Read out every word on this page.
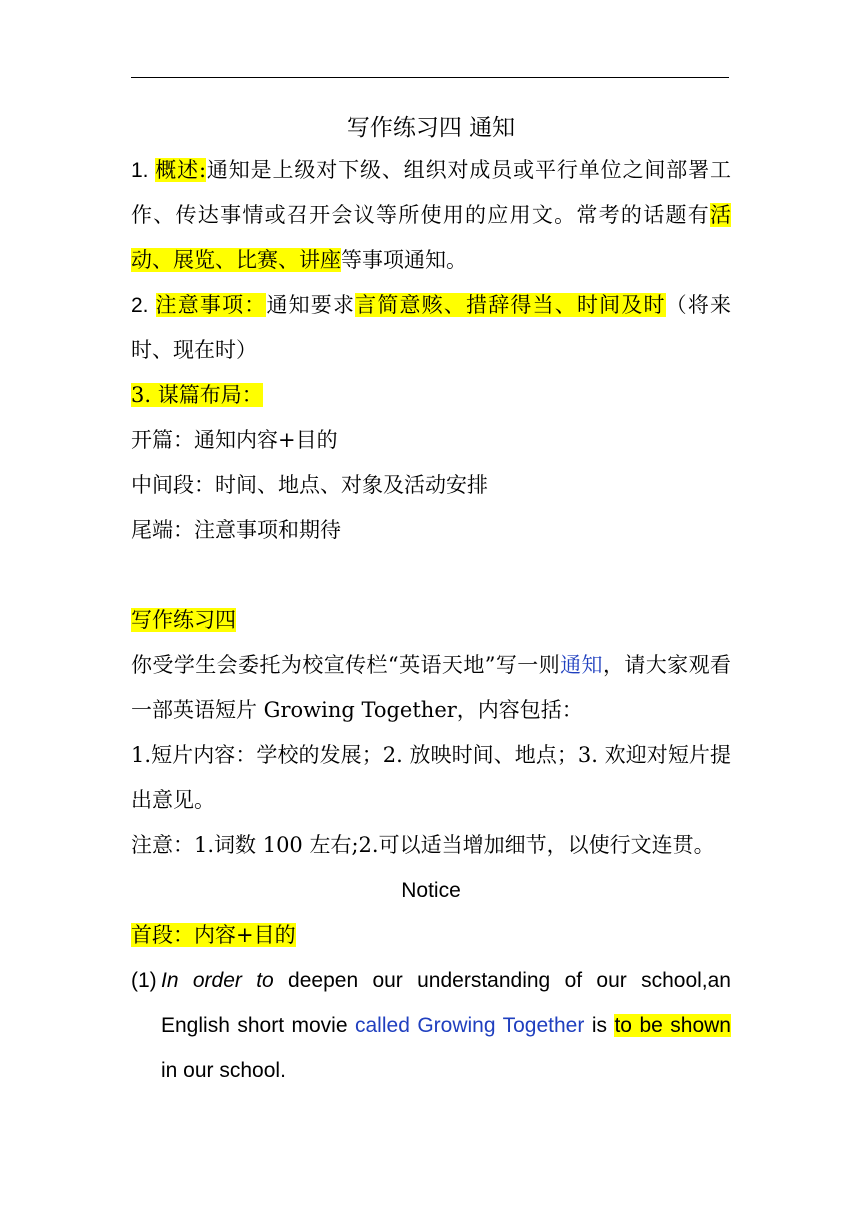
写作练习四 通知
1. 概述:通知是上级对下级、组织对成员或平行单位之间部署工作、传达事情或召开会议等所使用的应用文。常考的话题有活动、展览、比赛、讲座等事项通知。
2. 注意事项：通知要求言简意赅、措辞得当、时间及时（将来时、现在时）
3. 谋篇布局：
开篇：通知内容+目的
中间段：时间、地点、对象及活动安排
尾端：注意事项和期待
写作练习四
你受学生会委托为校宣传栏“英语天地”写一则通知，请大家观看一部英语短片 Growing Together，内容包括：
1.短片内容：学校的发展；2. 放映时间、地点；3. 欢迎对短片提出意见。
注意：1.词数 100 左右;2.可以适当增加细节，以使行文连贯。
Notice
首段：内容+目的
(1) In order to deepen our understanding of our school,an English short movie called Growing Together is to be shown in our school.
